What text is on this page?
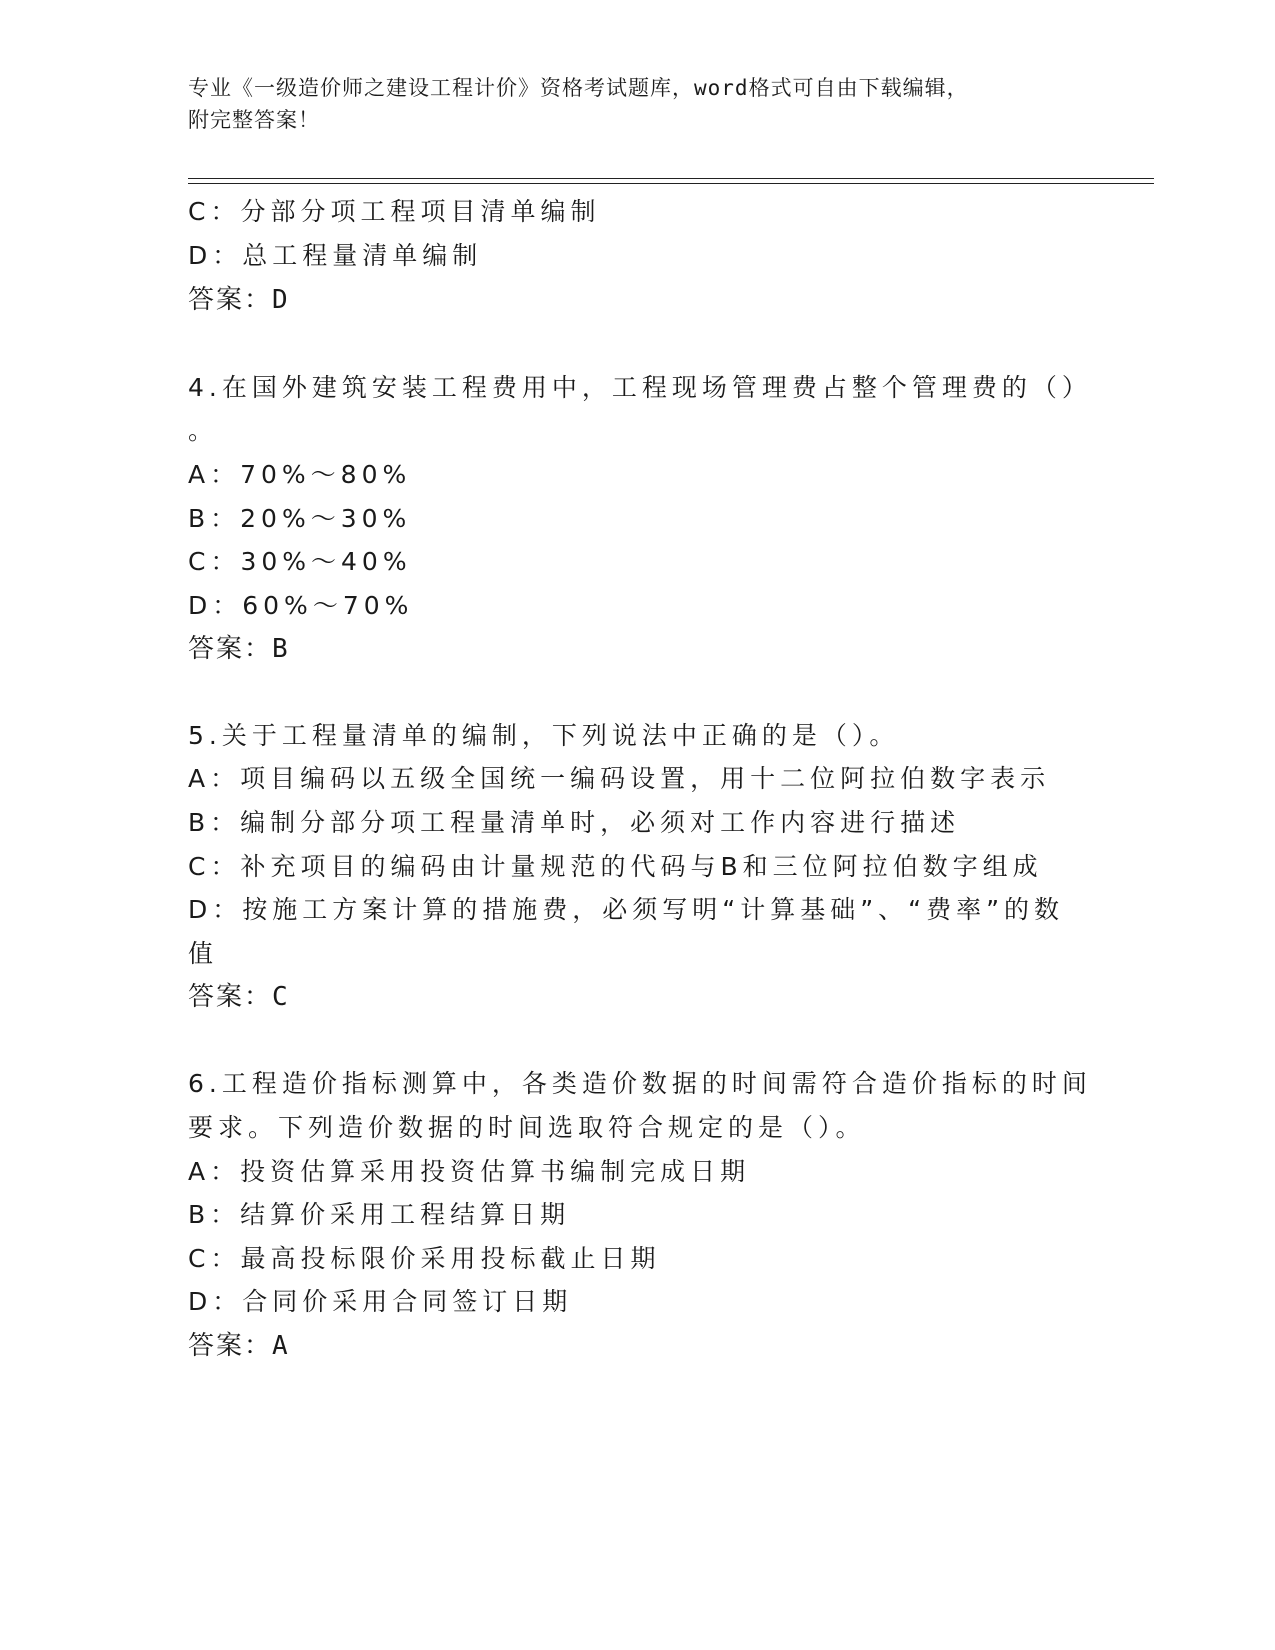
专业《一级造价师之建设工程计价》资格考试题库，word格式可自由下载编辑，
附完整答案！
C：分部分项工程项目清单编制
D：总工程量清单编制
答案：D
4.在国外建筑安装工程费用中，工程现场管理费占整个管理费的（）
。
A：70%～80%
B：20%～30%
C：30%～40%
D：60%～70%
答案：B
5.关于工程量清单的编制，下列说法中正确的是（）。
A：项目编码以五级全国统一编码设置，用十二位阿拉伯数字表示
B：编制分部分项工程量清单时，必须对工作内容进行描述
C：补充项目的编码由计量规范的代码与B和三位阿拉伯数字组成
D：按施工方案计算的措施费，必须写明“计算基础”、“费率”的数
值
答案：C
6.工程造价指标测算中，各类造价数据的时间需符合造价指标的时间
要求。下列造价数据的时间选取符合规定的是（）。
A：投资估算采用投资估算书编制完成日期
B：结算价采用工程结算日期
C：最高投标限价采用投标截止日期
D：合同价采用合同签订日期
答案：A
